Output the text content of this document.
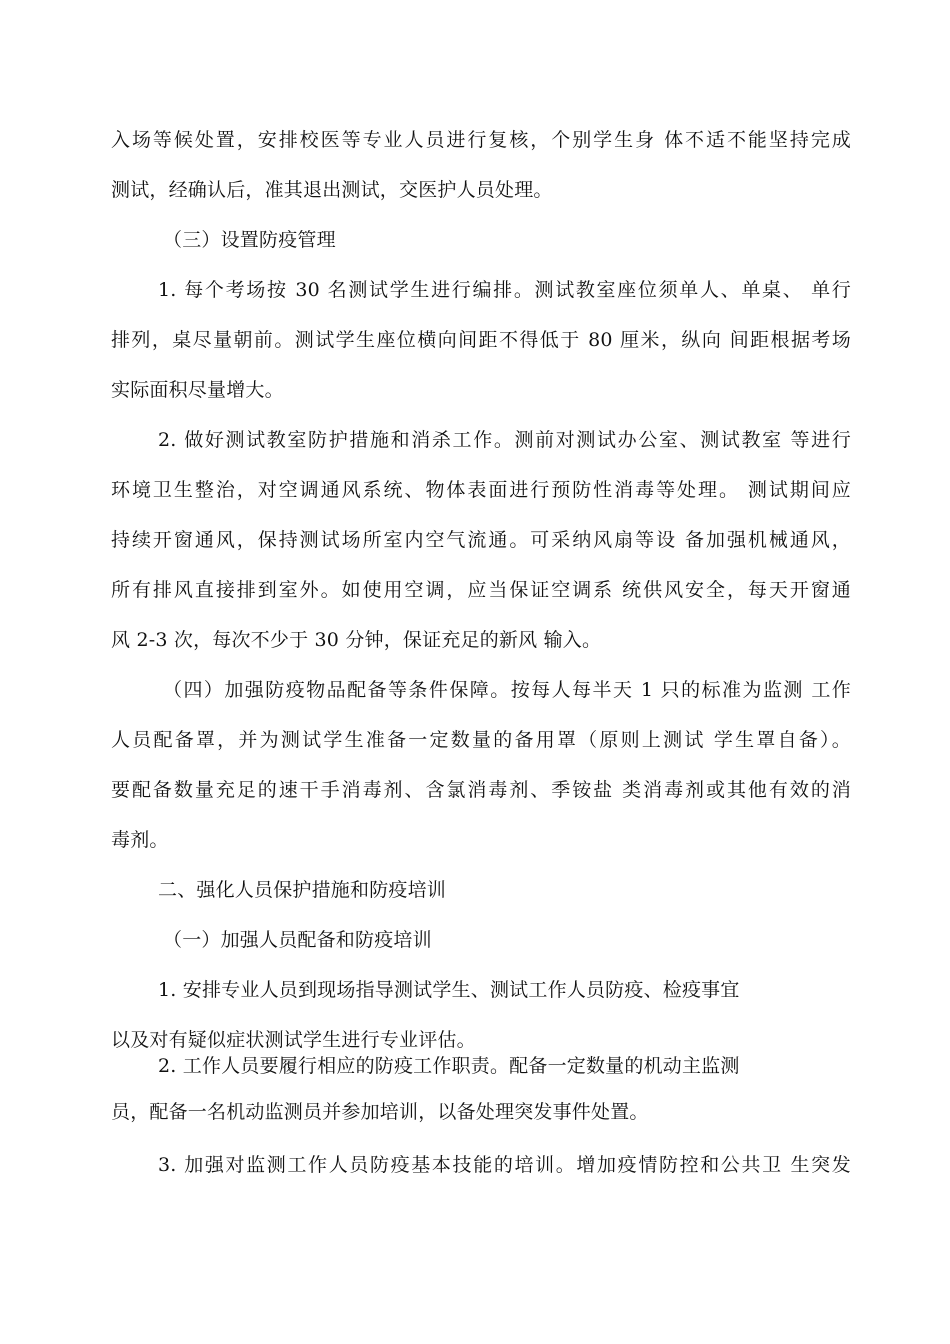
入场等候处置，安排校医等专业人员进行复核，个别学生身 体不适不能坚持完成
测试，经确认后，准其退出测试，交医护人员处理。
（三）设置防疫管理
1. 每个考场按 30 名测试学生进行编排。测试教室座位须单人、单桌、 单行
排列，桌尽量朝前。测试学生座位横向间距不得低于 80 厘米，纵向 间距根据考场
实际面积尽量增大。
2. 做好测试教室防护措施和消杀工作。测前对测试办公室、测试教室 等进行
环境卫生整治，对空调通风系统、物体表面进行预防性消毒等处理。 测试期间应
持续开窗通风，保持测试场所室内空气流通。可采纳风扇等设 备加强机械通风，
所有排风直接排到室外。如使用空调，应当保证空调系 统供风安全，每天开窗通
风 2-3 次，每次不少于 30 分钟，保证充足的新风 输入。
（四）加强防疫物品配备等条件保障。按每人每半天 1 只的标准为监测 工作
人员配备罩，并为测试学生准备一定数量的备用罩（原则上测试 学生罩自备）。
要配备数量充足的速干手消毒剂、含氯消毒剂、季铵盐 类消毒剂或其他有效的消
毒剂。
二、强化人员保护措施和防疫培训
（一）加强人员配备和防疫培训
1. 安排专业人员到现场指导测试学生、测试工作人员防疫、检疫事宜
以及对有疑似症状测试学生进行专业评估。
2. 工作人员要履行相应的防疫工作职责。配备一定数量的机动主监测
员，配备一名机动监测员并参加培训，以备处理突发事件处置。
3. 加强对监测工作人员防疫基本技能的培训。增加疫情防控和公共卫 生突发
